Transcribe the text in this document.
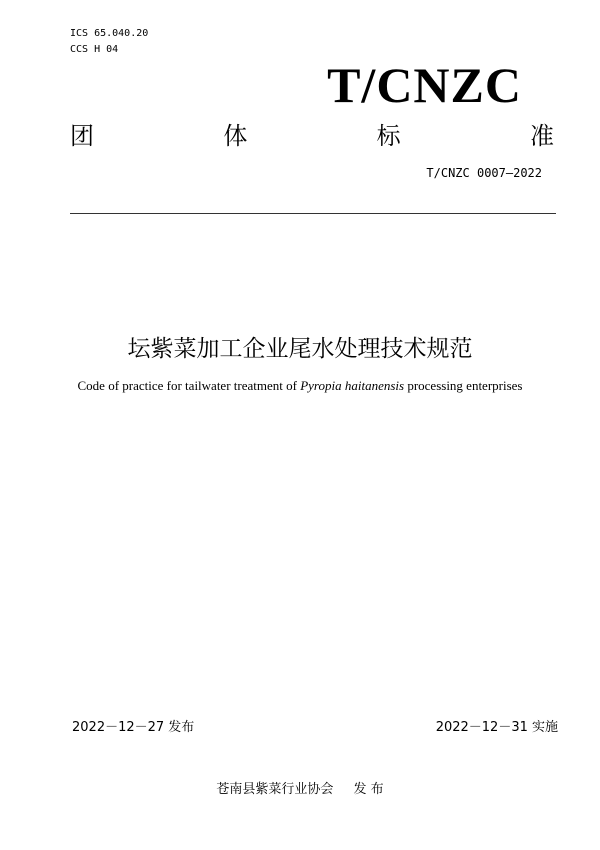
ICS 65.040.20
CCS H 04
T/CNZC
团	体	标	准
T/CNZC 0007—2022
坛紫菜加工企业尾水处理技术规范
Code of practice for tailwater treatment of Pyropia haitanensis processing enterprises
2022－12－27 发布	2022－12－31 实施
苍南县紫菜行业协会 发 布
